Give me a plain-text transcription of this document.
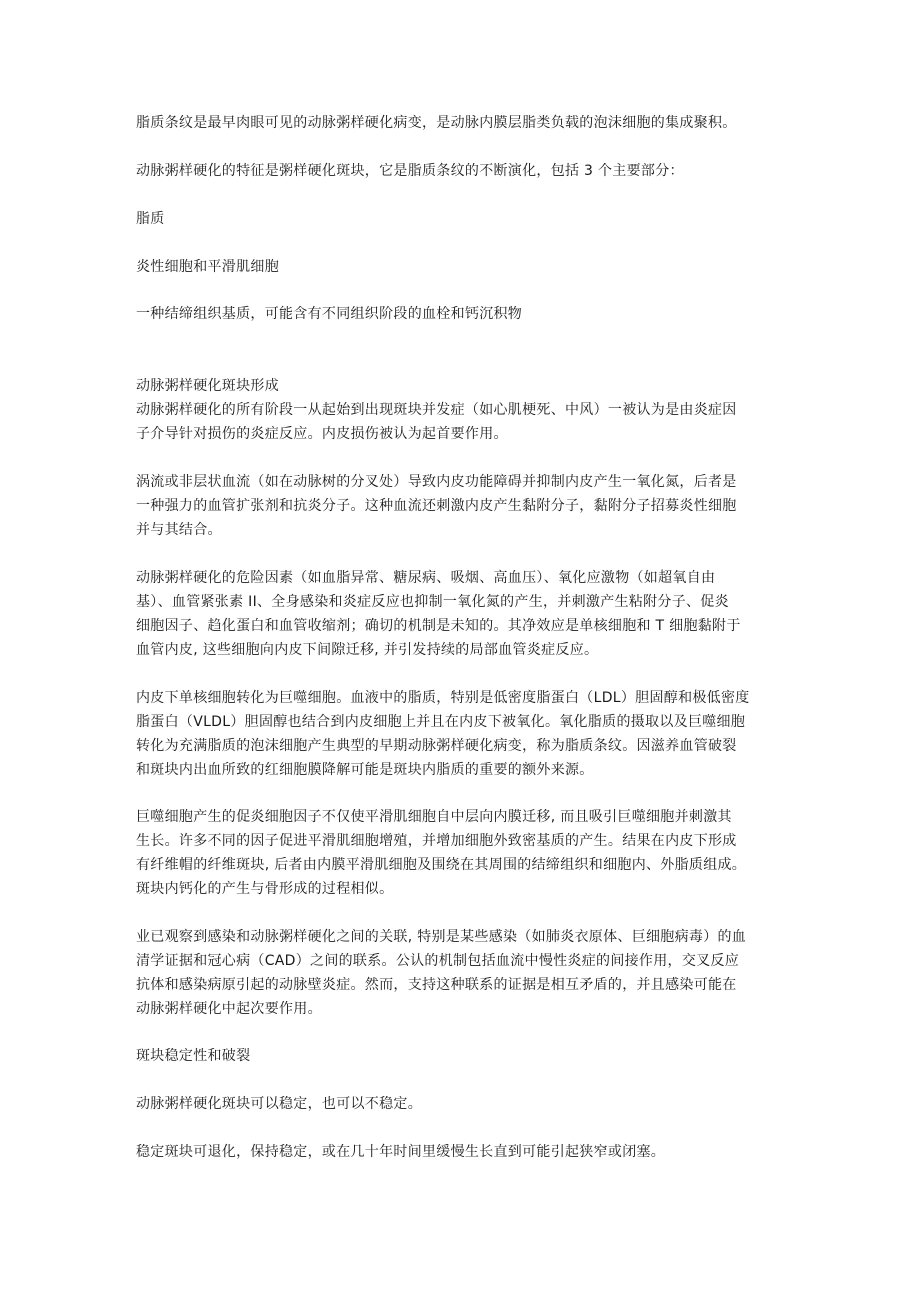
脂质条纹是最早肉眼可见的动脉粥样硬化病变，是动脉内膜层脂类负载的泡沫细胞的集成聚积。

动脉粥样硬化的特征是粥样硬化斑块，它是脂质条纹的不断演化，包括 3 个主要部分：

脂质

炎性细胞和平滑肌细胞

一种结缔组织基质，可能含有不同组织阶段的血栓和钙沉积物

动脉粥样硬化斑块形成

动脉粥样硬化的所有阶段一从起始到出现斑块并发症（如心肌梗死、中风）一被认为是由炎症因
子介导针对损伤的炎症反应。内皮损伤被认为起首要作用。

涡流或非层状血流（如在动脉树的分叉处）导致内皮功能障碍并抑制内皮产生一氧化氮，后者是
一种强力的血管扩张剂和抗炎分子。这种血流还刺激内皮产生黏附分子，黏附分子招募炎性细胞
并与其结合。

动脉粥样硬化的危险因素（如血脂异常、糖尿病、吸烟、高血压）、氧化应激物（如超氧自由
基）、血管紧张素 II、全身感染和炎症反应也抑制一氧化氮的产生，并刺激产生粘附分子、促炎
细胞因子、趋化蛋白和血管收缩剂；确切的机制是未知的。其净效应是单核细胞和 T 细胞黏附于
血管内皮, 这些细胞向内皮下间隙迁移, 并引发持续的局部血管炎症反应。

内皮下单核细胞转化为巨噬细胞。血液中的脂质，特别是低密度脂蛋白（LDL）胆固醇和极低密度
脂蛋白（VLDL）胆固醇也结合到内皮细胞上并且在内皮下被氧化。氧化脂质的摄取以及巨噬细胞
转化为充满脂质的泡沫细胞产生典型的早期动脉粥样硬化病变，称为脂质条纹。因滋养血管破裂
和斑块内出血所致的红细胞膜降解可能是斑块内脂质的重要的额外来源。

巨噬细胞产生的促炎细胞因子不仅使平滑肌细胞自中层向内膜迁移, 而且吸引巨噬细胞并刺激其
生长。许多不同的因子促进平滑肌细胞增殖，并增加细胞外致密基质的产生。结果在内皮下形成
有纤维帽的纤维斑块, 后者由内膜平滑肌细胞及围绕在其周围的结缔组织和细胞内、外脂质组成。
斑块内钙化的产生与骨形成的过程相似。

业已观察到感染和动脉粥样硬化之间的关联, 特别是某些感染（如肺炎衣原体、巨细胞病毒）的血
清学证据和冠心病（CAD）之间的联系。公认的机制包括血流中慢性炎症的间接作用，交叉反应
抗体和感染病原引起的动脉壁炎症。然而，支持这种联系的证据是相互矛盾的，并且感染可能在
动脉粥样硬化中起次要作用。

斑块稳定性和破裂

动脉粥样硬化斑块可以稳定，也可以不稳定。

稳定斑块可退化，保持稳定，或在几十年时间里缓慢生长直到可能引起狭窄或闭塞。
